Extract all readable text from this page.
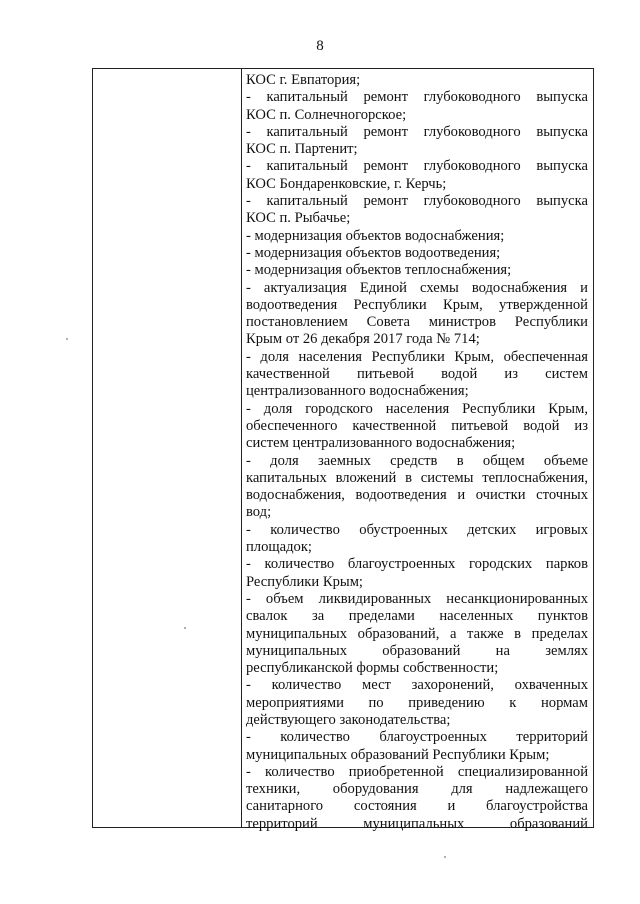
8
КОС г. Евпатория;
- капитальный ремонт глубоководного выпуска
КОС п. Солнечногорское;
- капитальный ремонт глубоководного выпуска
КОС п. Партенит;
- капитальный ремонт глубоководного выпуска
КОС Бондаренковские, г. Керчь;
- капитальный ремонт глубоководного выпуска
КОС п. Рыбачье;
- модернизация объектов водоснабжения;
- модернизация объектов водоотведения;
- модернизация объектов теплоснабжения;
- актуализация Единой схемы водоснабжения и
водоотведения Республики Крым, утвержденной
постановлением Совета министров Республики
Крым от 26 декабря 2017 года № 714;
- доля населения Республики Крым, обеспеченная
качественной питьевой водой из систем
централизованного водоснабжения;
- доля городского населения Республики Крым,
обеспеченного качественной питьевой водой из
систем централизованного водоснабжения;
- доля заемных средств в общем объеме
капитальных вложений в системы теплоснабжения,
водоснабжения, водоотведения и очистки сточных
вод;
- количество обустроенных детских игровых
площадок;
- количество благоустроенных городских парков
Республики Крым;
- объем ликвидированных несанкционированных
свалок за пределами населенных пунктов
муниципальных образований, а также в пределах
муниципальных образований на землях
республиканской формы собственности;
- количество мест захоронений, охваченных
мероприятиями по приведению к нормам
действующего законодательства;
- количество благоустроенных территорий
муниципальных образований Республики Крым;
- количество приобретенной специализированной
техники, оборудования для надлежащего
санитарного состояния и благоустройства
территорий муниципальных образований
